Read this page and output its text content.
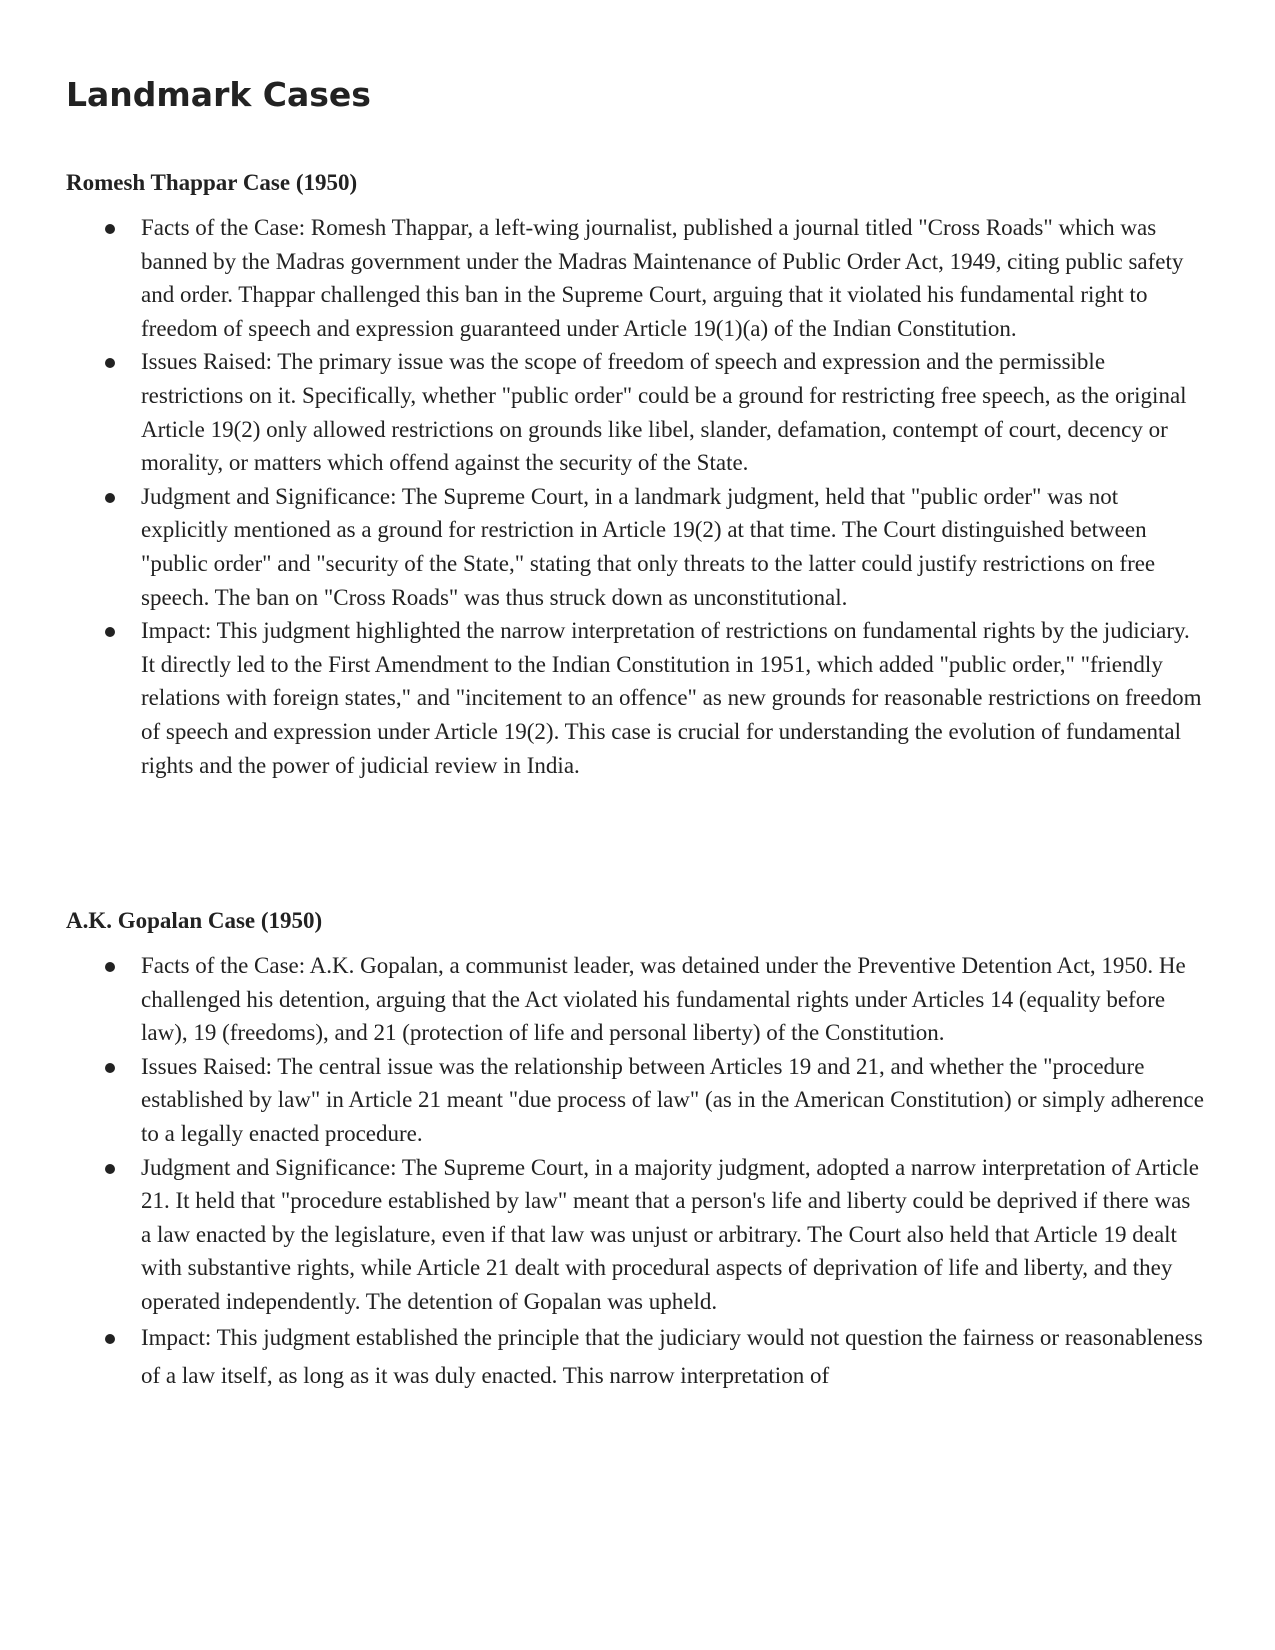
Landmark Cases
Romesh Thappar Case (1950)
Facts of the Case: Romesh Thappar, a left-wing journalist, published a journal titled "Cross Roads" which was banned by the Madras government under the Madras Maintenance of Public Order Act, 1949, citing public safety and order. Thappar challenged this ban in the Supreme Court, arguing that it violated his fundamental right to freedom of speech and expression guaranteed under Article 19(1)(a) of the Indian Constitution.
Issues Raised: The primary issue was the scope of freedom of speech and expression and the permissible restrictions on it. Specifically, whether "public order" could be a ground for restricting free speech, as the original Article 19(2) only allowed restrictions on grounds like libel, slander, defamation, contempt of court, decency or morality, or matters which offend against the security of the State.
Judgment and Significance: The Supreme Court, in a landmark judgment, held that "public order" was not explicitly mentioned as a ground for restriction in Article 19(2) at that time. The Court distinguished between "public order" and "security of the State," stating that only threats to the latter could justify restrictions on free speech. The ban on "Cross Roads" was thus struck down as unconstitutional.
Impact: This judgment highlighted the narrow interpretation of restrictions on fundamental rights by the judiciary. It directly led to the First Amendment to the Indian Constitution in 1951, which added "public order," "friendly relations with foreign states," and "incitement to an offence" as new grounds for reasonable restrictions on freedom of speech and expression under Article 19(2). This case is crucial for understanding the evolution of fundamental rights and the power of judicial review in India.
A.K. Gopalan Case (1950)
Facts of the Case: A.K. Gopalan, a communist leader, was detained under the Preventive Detention Act, 1950. He challenged his detention, arguing that the Act violated his fundamental rights under Articles 14 (equality before law), 19 (freedoms), and 21 (protection of life and personal liberty) of the Constitution.
Issues Raised: The central issue was the relationship between Articles 19 and 21, and whether the "procedure established by law" in Article 21 meant "due process of law" (as in the American Constitution) or simply adherence to a legally enacted procedure.
Judgment and Significance: The Supreme Court, in a majority judgment, adopted a narrow interpretation of Article 21. It held that "procedure established by law" meant that a person's life and liberty could be deprived if there was a law enacted by the legislature, even if that law was unjust or arbitrary. The Court also held that Article 19 dealt with substantive rights, while Article 21 dealt with procedural aspects of deprivation of life and liberty, and they operated independently. The detention of Gopalan was upheld.
Impact: This judgment established the principle that the judiciary would not question the fairness or reasonableness of a law itself, as long as it was duly enacted. This narrow interpretation of
